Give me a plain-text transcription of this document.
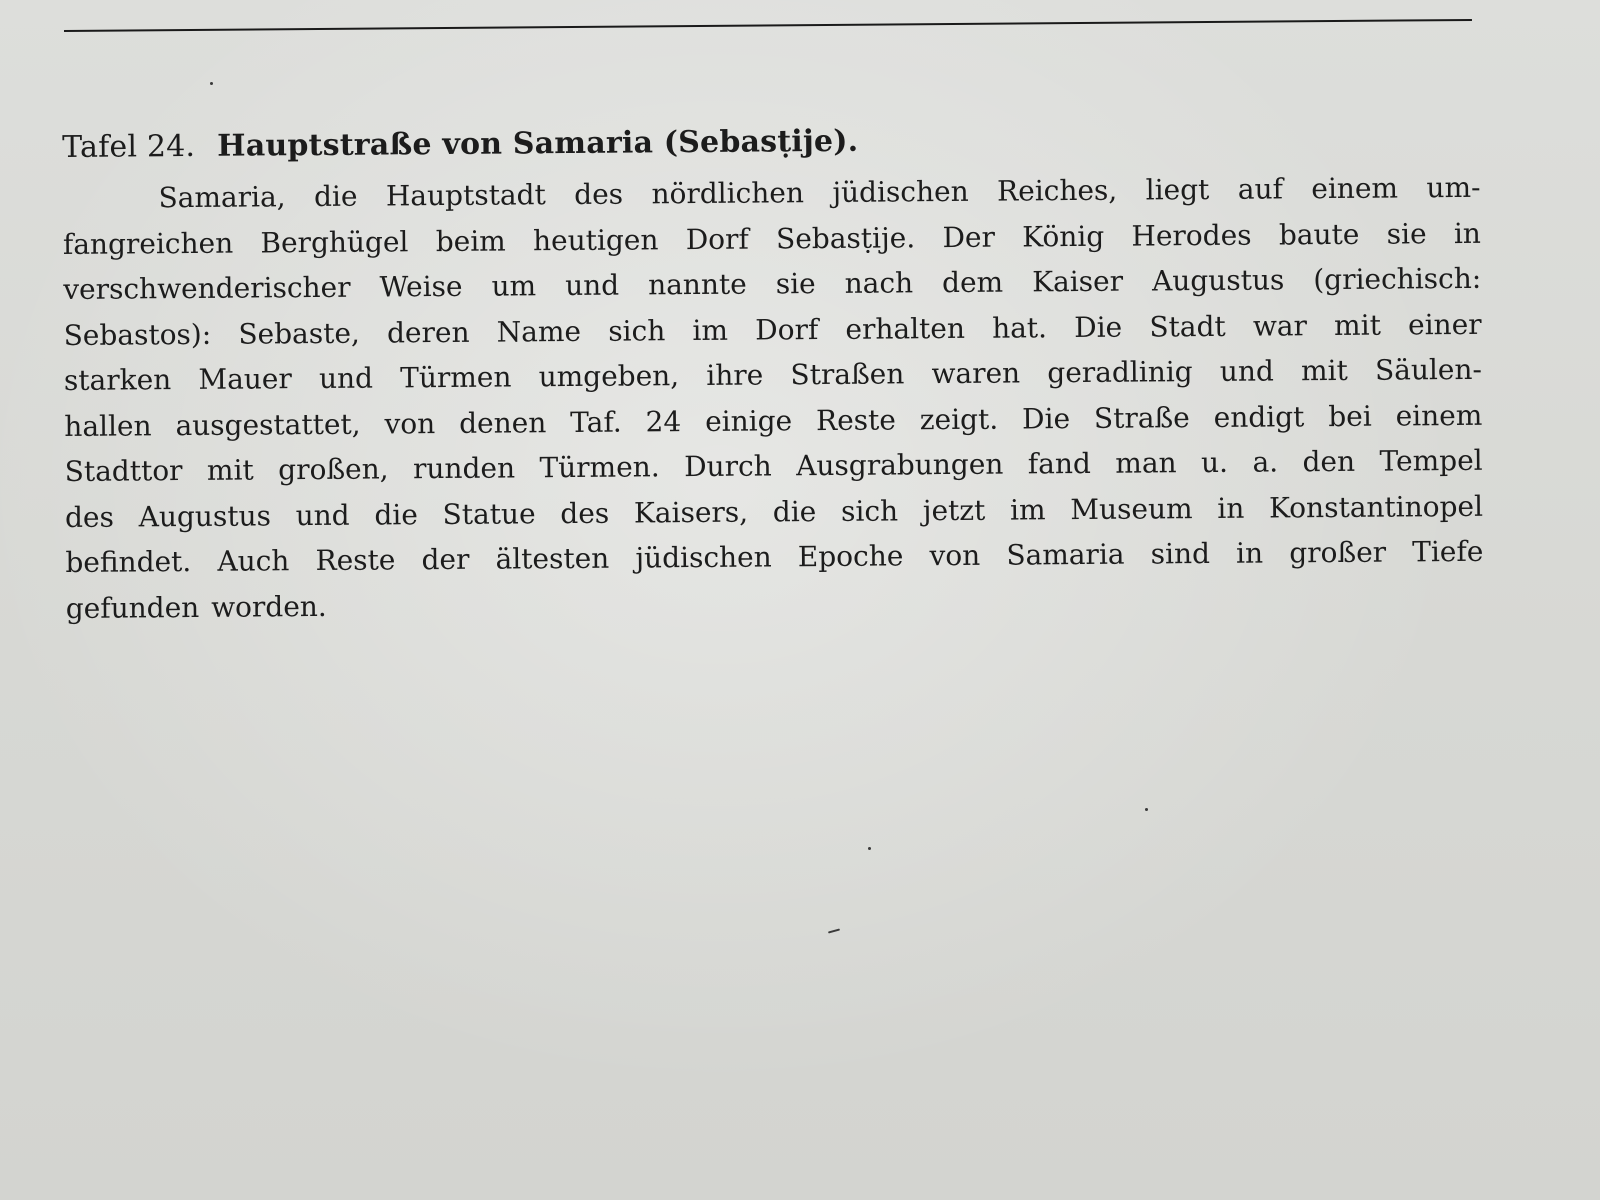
Tafel 24. Hauptstraße von Samaria (Sebasṭije).

Samaria, die Hauptstadt des nördlichen jüdischen Reiches, liegt auf einem um-
fangreichen Berghügel beim heutigen Dorf Sebasṭije. Der König Herodes baute sie in
verschwenderischer Weise um und nannte sie nach dem Kaiser Augustus (griechisch:
Sebastos): Sebaste, deren Name sich im Dorf erhalten hat. Die Stadt war mit einer
starken Mauer und Türmen umgeben, ihre Straßen waren geradlinig und mit Säulen-
hallen ausgestattet, von denen Taf. 24 einige Reste zeigt. Die Straße endigt bei einem
Stadttor mit großen, runden Türmen. Durch Ausgrabungen fand man u. a. den Tempel
des Augustus und die Statue des Kaisers, die sich jetzt im Museum in Konstantinopel
befindet. Auch Reste der ältesten jüdischen Epoche von Samaria sind in großer Tiefe
gefunden worden.
